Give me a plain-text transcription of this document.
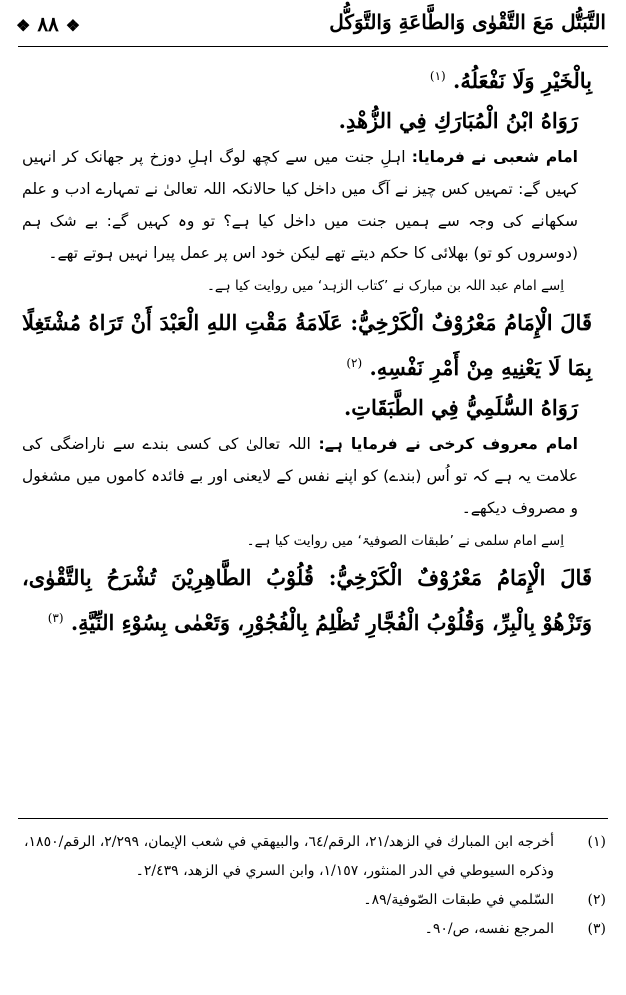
التَّبَتُّل مَعَ التَّقْوٰی وَالطَّاعَةِ وَالتَّوَكُّل
❖ ٨٨ ❖

بِالْخَيْرِ وَلَا نَفْعَلُهُ. $^{(١)}$

رَوَاهُ ابْنُ الْمُبَارَكِ فِي الزُّهْدِ.

امام شعبی نے فرمایا: اہلِ جنت میں سے کچھ لوگ اہلِ دوزخ پر جھانک کر انہیں کہیں گے: تمہیں کس چیز نے آگ میں داخل کیا حالانکہ اللہ تعالیٰ نے تمہارے ادب و علم سکھانے کی وجہ سے ہمیں جنت میں داخل کیا ہے؟ تو وہ کہیں گے: بے شک ہم (دوسروں کو تو) بھلائی کا حکم دیتے تھے لیکن خود اس پر عمل پیرا نہیں ہوتے تھے۔

اِسے امام عبد اللہ بن مبارک نے ’کتاب الزہد‘ میں روایت کیا ہے۔

قَالَ الْإِمَامُ مَعْرُوْفٌ الْكَرْخِيُّ: عَلَامَةُ مَقْتِ اللهِ الْعَبْدَ أَنْ تَرَاهُ مُشْتَغِلًا بِمَا لَا يَعْنِيهِ مِنْ أَمْرِ نَفْسِهِ. $^{(٢)}$

رَوَاهُ السُّلَمِيُّ فِي الطَّبَقَاتِ.

امام معروف کرخی نے فرمایا ہے: اللہ تعالیٰ کی کسی بندے سے ناراضگی کی علامت یہ ہے کہ تو اُس (بندے) کو اپنے نفس کے لایعنی اور بے فائدہ کاموں میں مشغول و مصروف دیکھے۔

اِسے امام سلمی نے ’طبقات الصوفیۃ‘ میں روایت کیا ہے۔

قَالَ الْإِمَامُ مَعْرُوْفٌ الْكَرْخِيُّ: قُلُوْبُ الطَّاهِرِيْنَ تُشْرَحُ بِالتَّقْوٰى، وَتَزْهُوْ بِالْبِرِّ، وَقُلُوْبُ الْفُجَّارِ تُظْلِمُ بِالْفُجُوْرِ، وَتَعْمٰى بِسُوْءِ النِّيَّةِ. $^{(٣)}$

(١)
أخرجه ابن المبارك في الزهد/٢١، الرقم/٦٤، والبيهقي في شعب الإيمان، ٢/٢٩٩، الرقم/١٨٥٠، وذكره السيوطي في الدر المنثور، ١/١٥٧، وابن السري في الزهد، ٢/٤٣٩۔
(٢)
السّلمي في طبقات الصّوفية/٨٩۔
(٣)
المرجع نفسه، ص/٩٠۔
